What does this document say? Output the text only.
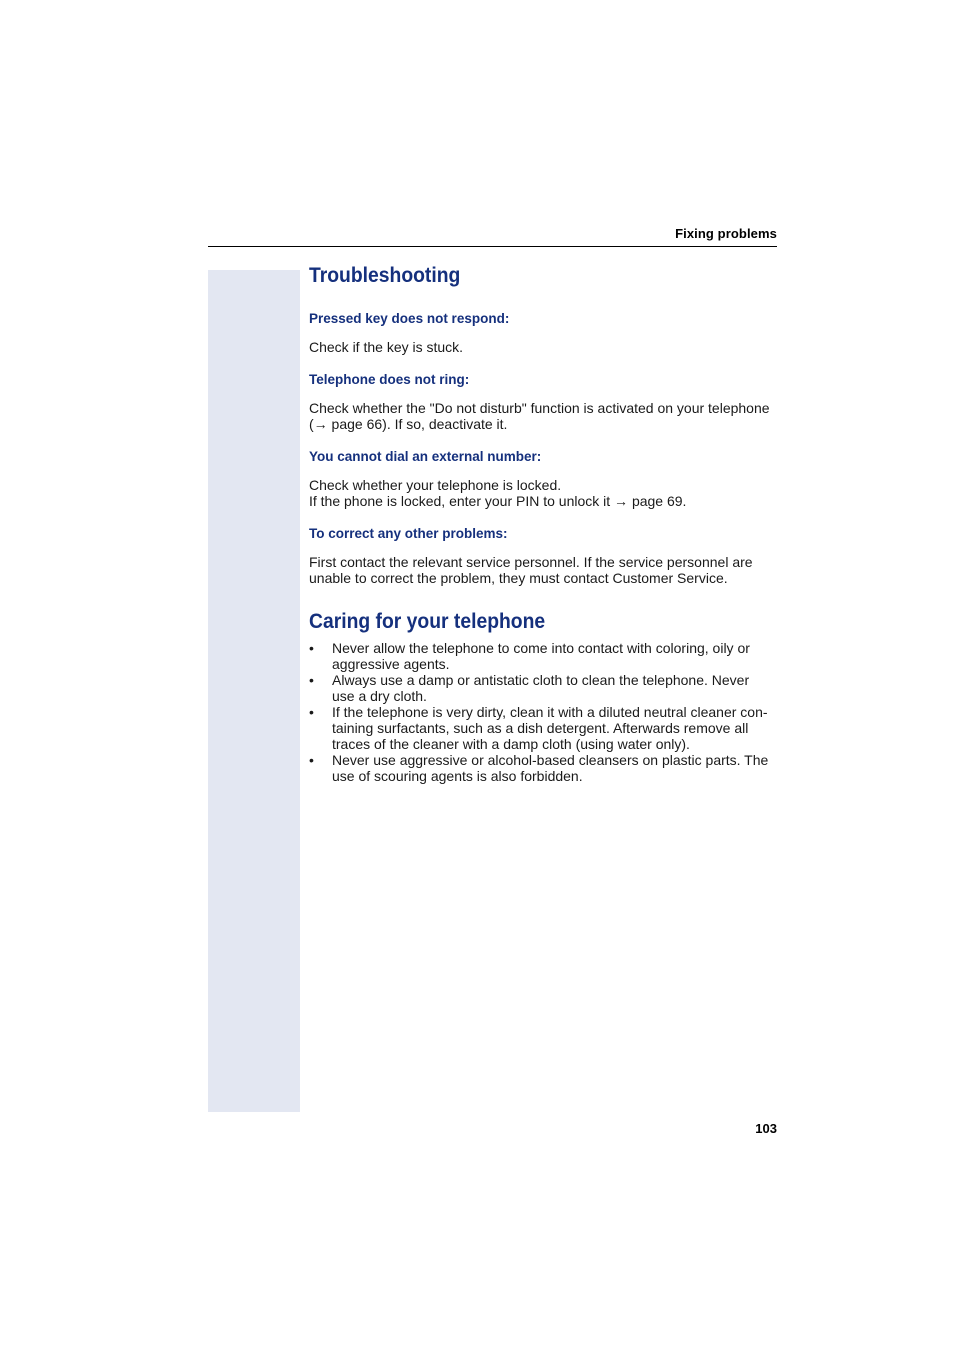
Fixing problems
Troubleshooting
Pressed key does not respond:

Check if the key is stuck.

Telephone does not ring:

Check whether the "Do not disturb" function is activated on your telephone
(→ page 66). If so, deactivate it.

You cannot dial an external number:

Check whether your telephone is locked.
If the phone is locked, enter your PIN to unlock it → page 69.

To correct any other problems:

First contact the relevant service personnel. If the service personnel are
unable to correct the problem, they must contact Customer Service.

Caring for your telephone
• Never allow the telephone to come into contact with coloring, oily or
aggressive agents.
• Always use a damp or antistatic cloth to clean the telephone. Never
use a dry cloth.
• If the telephone is very dirty, clean it with a diluted neutral cleaner con-
taining surfactants, such as a dish detergent. Afterwards remove all
traces of the cleaner with a damp cloth (using water only).
• Never use aggressive or alcohol-based cleansers on plastic parts. The
use of scouring agents is also forbidden.
103
